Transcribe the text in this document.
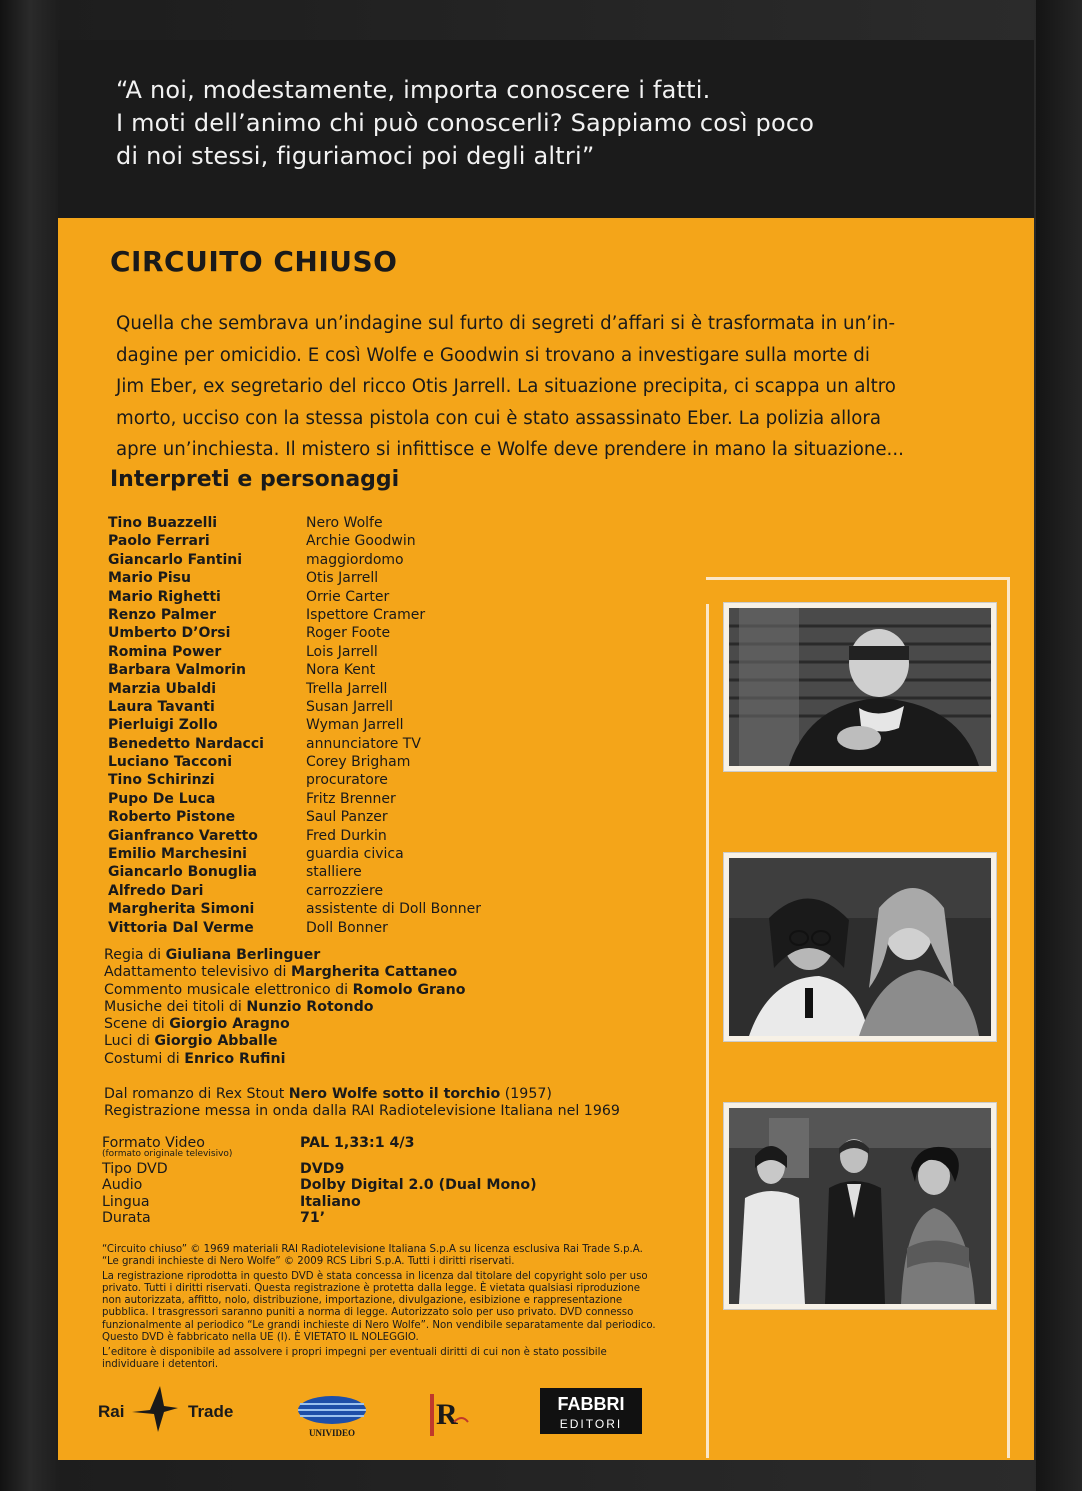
“A noi, modestamente, importa conoscere i fatti.
I moti dell’animo chi può conoscerli? Sappiamo così poco
di noi stessi, figuriamoci poi degli altri”
CIRCUITO CHIUSO
Quella che sembrava un’indagine sul furto di segreti d’affari si è trasformata in un’in-
dagine per omicidio. E così Wolfe e Goodwin si trovano a investigare sulla morte di
Jim Eber, ex segretario del ricco Otis Jarrell. La situazione precipita, ci scappa un altro
morto, ucciso con la stessa pistola con cui è stato assassinato Eber. La polizia allora
apre un’inchiesta. Il mistero si infittisce e Wolfe deve prendere in mano la situazione...
Interpreti e personaggi
Tino Buazzelli	Nero Wolfe
Paolo Ferrari	Archie Goodwin
Giancarlo Fantini	maggiordomo
Mario Pisu	Otis Jarrell
Mario Righetti	Orrie Carter
Renzo Palmer	Ispettore Cramer
Umberto D’Orsi	Roger Foote
Romina Power	Lois Jarrell
Barbara Valmorin	Nora Kent
Marzia Ubaldi	Trella Jarrell
Laura Tavanti	Susan Jarrell
Pierluigi Zollo	Wyman Jarrell
Benedetto Nardacci	annunciatore TV
Luciano Tacconi	Corey Brigham
Tino Schirinzi	procuratore
Pupo De Luca	Fritz Brenner
Roberto Pistone	Saul Panzer
Gianfranco Varetto	Fred Durkin
Emilio Marchesini	guardia civica
Giancarlo Bonuglia	stalliere
Alfredo Dari	carrozziere
Margherita Simoni	assistente di Doll Bonner
Vittoria Dal Verme	Doll Bonner
Regia di Giuliana Berlinguer
Adattamento televisivo di Margherita Cattaneo
Commento musicale elettronico di Romolo Grano
Musiche dei titoli di Nunzio Rotondo
Scene di Giorgio Aragno
Luci di Giorgio Abballe
Costumi di Enrico Rufini
Dal romanzo di Rex Stout Nero Wolfe sotto il torchio (1957)
Registrazione messa in onda dalla RAI Radiotelevisione Italiana nel 1969
Formato Video	PAL 1,33:1 4/3
(formato originale televisivo)
Tipo DVD	DVD9
Audio	Dolby Digital 2.0 (Dual Mono)
Lingua	Italiano
Durata	71’

“Circuito chiuso” © 1969 materiali RAI Radiotelevisione Italiana S.p.A su licenza esclusiva Rai Trade S.p.A. “Le grandi inchieste di Nero Wolfe” © 2009 RCS Libri S.p.A. Tutti i diritti riservati.

La registrazione riprodotta in questo DVD è stata concessa in licenza dal titolare del copyright solo per uso privato. Tutti i diritti riservati. Questa registrazione è protetta dalla legge. È vietata qualsiasi riproduzione non autorizzata, affitto, nolo, distribuzione, importazione, divulgazione, esibizione e rappresentazione pubblica. I trasgressori saranno puniti a norma di legge. Autorizzato solo per uso privato. DVD connesso funzionalmente al periodico “Le grandi inchieste di Nero Wolfe”. Non vendibile separatamente dal periodico. Questo DVD è fabbricato nella UE (I). È VIETATO IL NOLEGGIO.

L’editore è disponibile ad assolvere i propri impegni per eventuali diritti di cui non è stato possibile individuare i detentori.

Rai	Trade
UNIVIDEO
R	FABBRI
EDITORI
